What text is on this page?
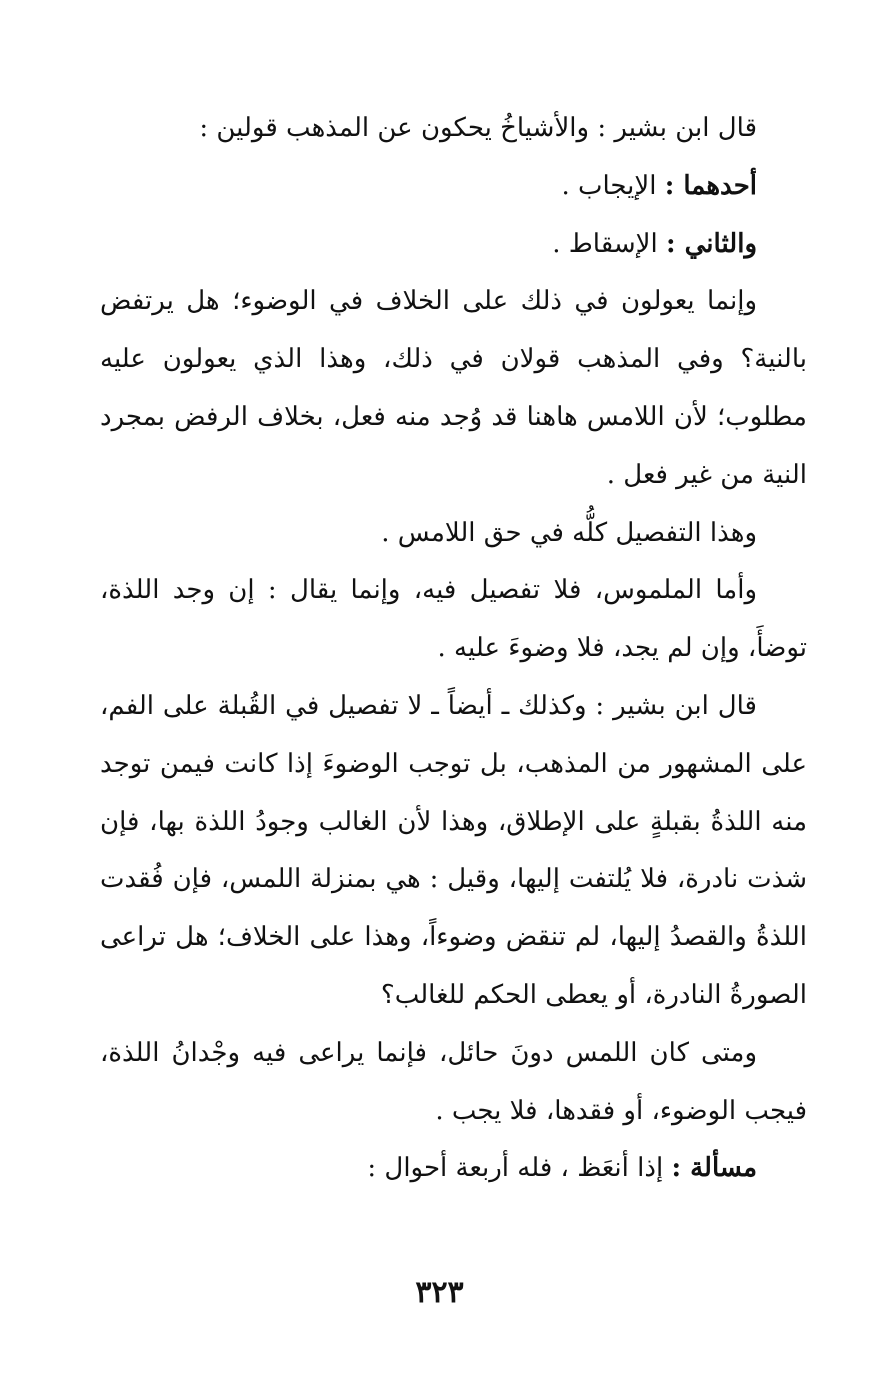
قال ابن بشير : والأشياخُ يحكون عن المذهب قولين :

أحدهما : الإيجاب .

والثاني : الإسقاط .

وإنما يعولون في ذلك على الخلاف في الوضوء؛ هل يرتفض بالنية؟ وفي المذهب قولان في ذلك، وهذا الذي يعولون عليه مطلوب؛ لأن اللامس هاهنا قد وُجد منه فعل، بخلاف الرفض بمجرد النية من غير فعل .

وهذا التفصيل كلُّه في حق اللامس .

وأما الملموس، فلا تفصيل فيه، وإنما يقال : إن وجد اللذة، توضأَ، وإن لم يجد، فلا وضوءَ عليه .

قال ابن بشير : وكذلك ـ أيضاً ـ لا تفصيل في القُبلة على الفم، على المشهور من المذهب، بل توجب الوضوءَ إذا كانت فيمن توجد منه اللذةُ بقبلةٍ على الإطلاق، وهذا لأن الغالب وجودُ اللذة بها، فإن شذت نادرة، فلا يُلتفت إليها، وقيل : هي بمنزلة اللمس، فإن فُقدت اللذةُ والقصدُ إليها، لم تنقض وضوءاً، وهذا على الخلاف؛ هل تراعى الصورةُ النادرة، أو يعطى الحكم للغالب؟

ومتى كان اللمس دونَ حائل، فإنما يراعى فيه وجْدانُ اللذة، فيجب الوضوء، أو فقدها، فلا يجب .

مسألة : إذا أنعَظ ، فله أربعة أحوال :

٣٢٣
